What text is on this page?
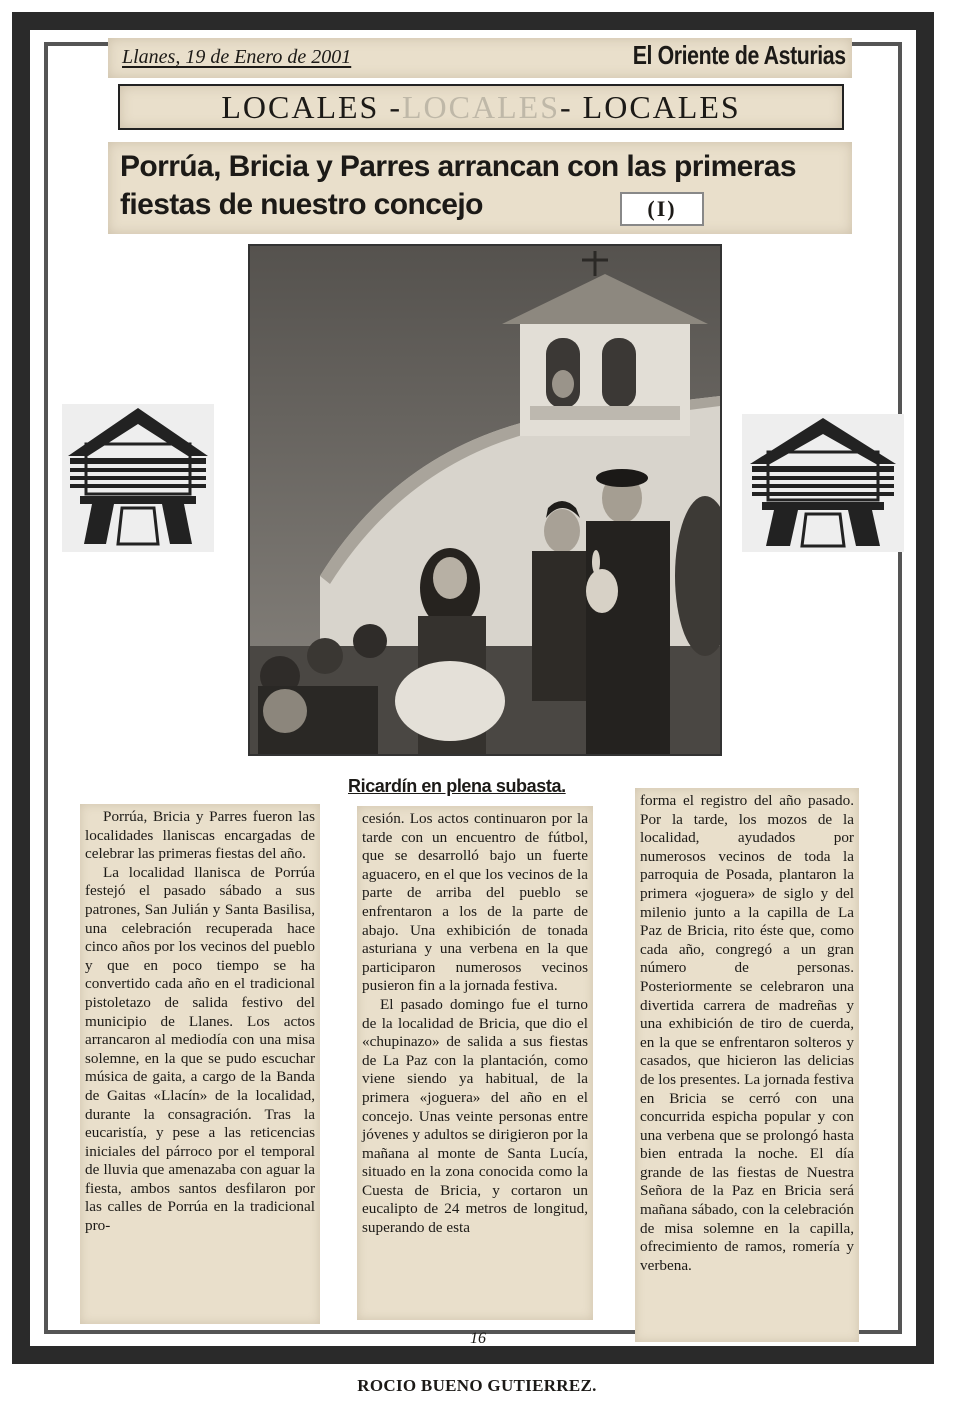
Llanes, 19 de Enero de 2001	El Oriente de Asturias
LOCALES - LOCALES - LOCALES
Porrúa, Bricia y Parres arrancan con las primeras
fiestas de nuestro concejo	(I)
Ricardín en plena subasta.

Porrúa, Bricia y Parres fueron las localidades llaniscas encargadas de celebrar las primeras fiestas del año.

La localidad llanisca de Porrúa festejó el pasado sábado a sus patrones, San Julián y Santa Basilisa, una celebración recuperada hace cinco años por los vecinos del pueblo y que en poco tiempo se ha convertido cada año en el tradicional pistoletazo de salida festivo del municipio de Llanes. Los actos arrancaron al mediodía con una misa solemne, en la que se pudo escuchar música de gaita, a cargo de la Banda de Gaitas «Llacín» de la localidad, durante la consagración. Tras la eucaristía, y pese a las reticencias iniciales del párroco por el temporal de lluvia que amenazaba con aguar la fiesta, ambos santos desfilaron por las calles de Porrúa en la tradicional pro-

cesión. Los actos continuaron por la tarde con un encuentro de fútbol, que se desarrolló bajo un fuerte aguacero, en el que los vecinos de la parte de arriba del pueblo se enfrentaron a los de la parte de abajo. Una exhibición de tonada asturiana y una verbena en la que participaron numerosos vecinos pusieron fin a la jornada festiva.

El pasado domingo fue el turno de la localidad de Bricia, que dio el «chupinazo» de salida a sus fiestas de La Paz con la plantación, como viene siendo ya habitual, de la primera «joguera» del año en el concejo. Unas veinte personas entre jóvenes y adultos se dirigieron por la mañana al monte de Santa Lucía, situado en la zona conocida como la Cuesta de Bricia, y cortaron un eucalipto de 24 metros de longitud, superando de esta

forma el registro del año pasado. Por la tarde, los mozos de la localidad, ayudados por numerosos vecinos de toda la parroquia de Posada, plantaron la primera «joguera» de siglo y del milenio junto a la capilla de La Paz de Bricia, rito éste que, como cada año, congregó a un gran número de personas. Posteriormente se celebraron una divertida carrera de madreñas y una exhibición de tiro de cuerda, en la que se enfrentaron solteros y casados, que hicieron las delicias de los presentes. La jornada festiva en Bricia se cerró con una concurrida espicha popular y con una verbena que se prolongó hasta bien entrada la noche. El día grande de las fiestas de Nuestra Señora de la Paz en Bricia será mañana sábado, con la celebración de misa solemne en la capilla, ofrecimiento de ramos, romería y verbena.

16
ROCIO BUENO GUTIERREZ.
